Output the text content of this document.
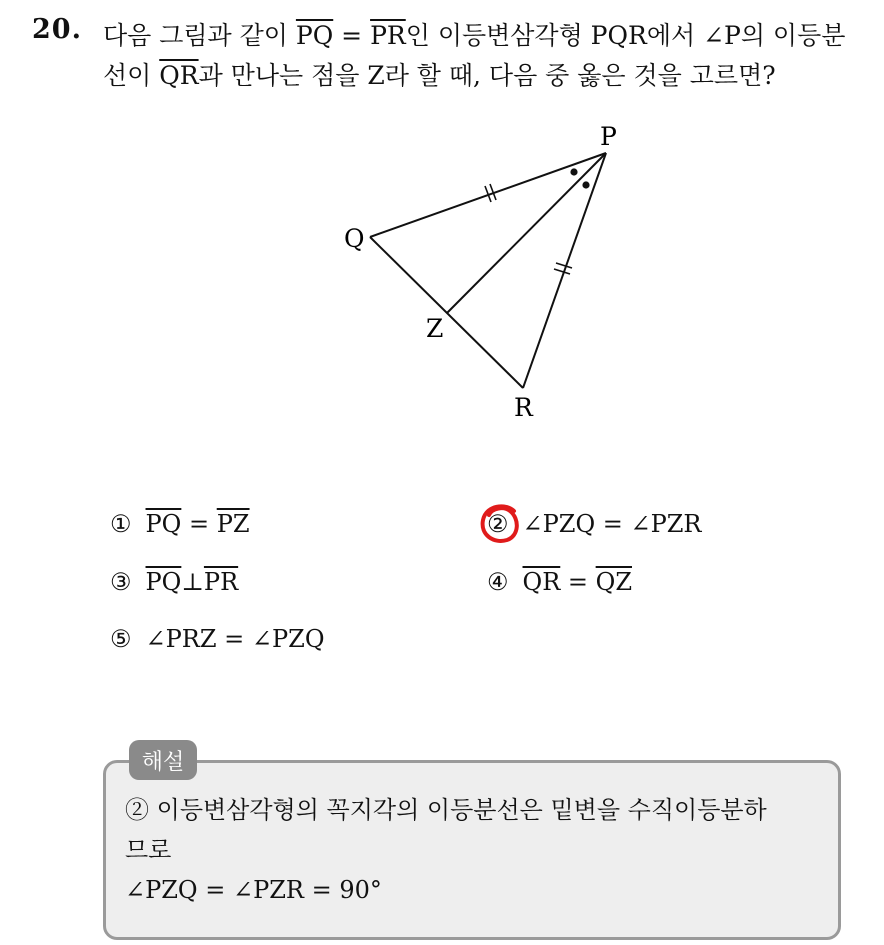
20. 다음 그림과 같이 $\overline{PQ} = \overline{PR}$인 이등변삼각형 PQR에서 ∠P의 이등분
선이 $\overline{QR}$과 만나는 점을 Z라 할 때, 다음 중 옳은 것을 고르면?
P
Q
R
Z
① $\overline{PQ} = \overline{PZ}$	② ∠PZQ = ∠PZR
③ $\overline{PQ}\perp\overline{PR}$	④ $\overline{QR} = \overline{QZ}$
⑤ ∠PRZ = ∠PZQ
해설
② 이등변삼각형의 꼭지각의 이등분선은 밑변을 수직이등분하
므로
∠PZQ = ∠PZR = 90°
